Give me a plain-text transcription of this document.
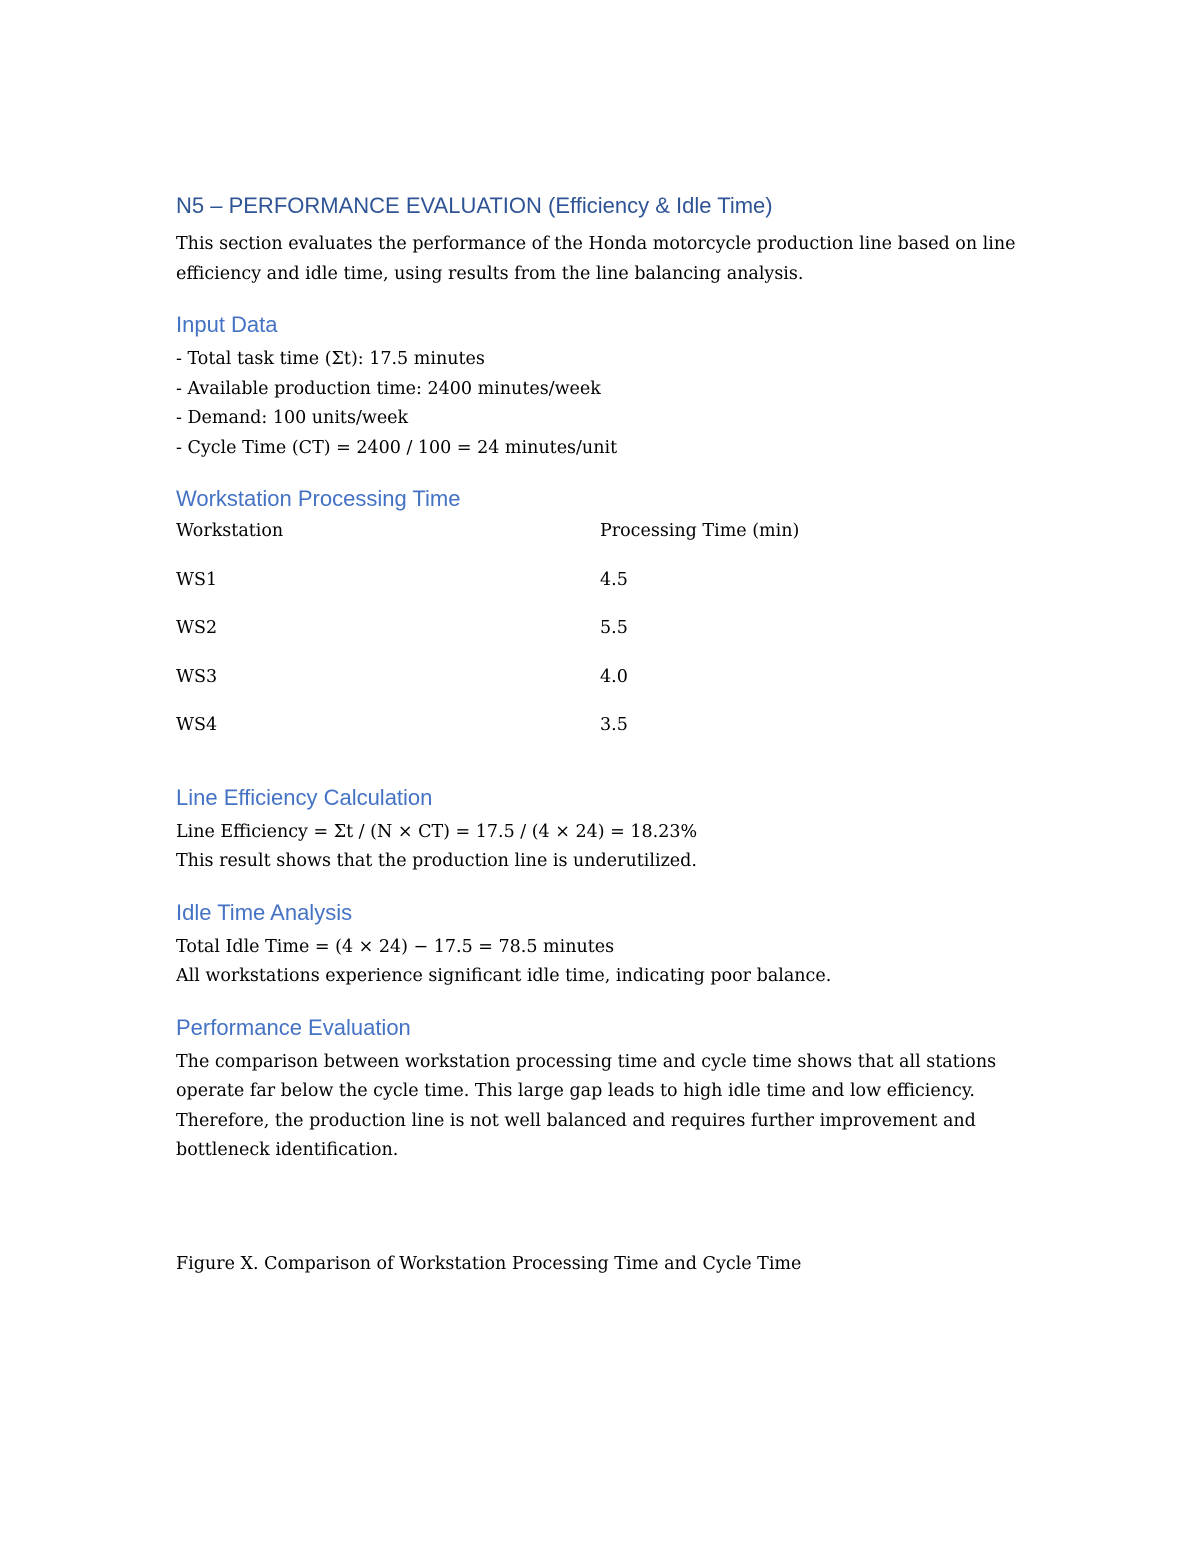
N5 – PERFORMANCE EVALUATION (Efficiency & Idle Time)

This section evaluates the performance of the Honda motorcycle production line based on line efficiency and idle time, using results from the line balancing analysis.

Input Data
- Total task time (Σt): 17.5 minutes
- Available production time: 2400 minutes/week
- Demand: 100 units/week
- Cycle Time (CT) = 2400 / 100 = 24 minutes/unit
Workstation Processing Time
Workstation	Processing Time (min)
WS1	4.5
WS2	5.5
WS3	4.0
WS4	3.5
Line Efficiency Calculation
Line Efficiency = Σt / (N × CT) = 17.5 / (4 × 24) = 18.23%
This result shows that the production line is underutilized.
Idle Time Analysis
Total Idle Time = (4 × 24) − 17.5 = 78.5 minutes
All workstations experience significant idle time, indicating poor balance.
Performance Evaluation

The comparison between workstation processing time and cycle time shows that all stations operate far below the cycle time. This large gap leads to high idle time and low efficiency. Therefore, the production line is not well balanced and requires further improvement and bottleneck identification.

Figure X. Comparison of Workstation Processing Time and Cycle Time
